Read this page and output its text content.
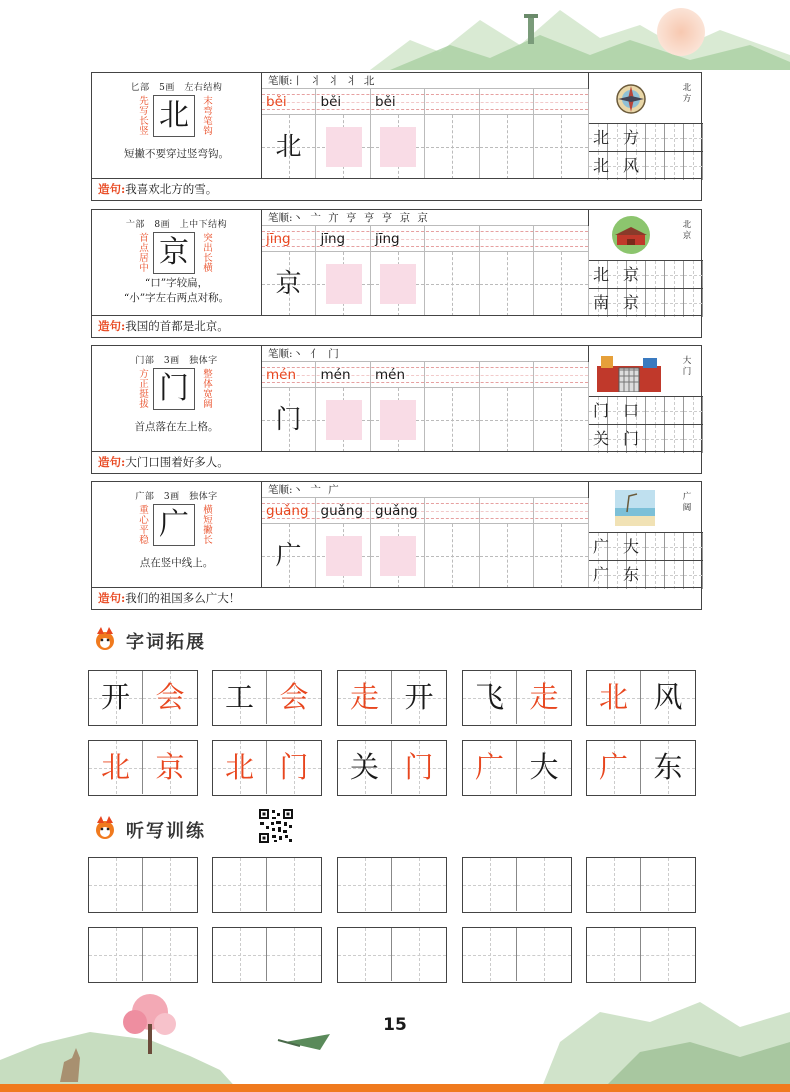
匕部　5画　左右结构
先写长竖 北	末弯笔钩
短撇不要穿过竖弯钩。
笔顺:丨 丬 丬 丬 北
běi	běi	běi
北
北方
北方
北风
造句:我喜欢北方的雪。
亠部　8画　上中下结构
首点居中 京	突出长横
“口”字较扁，
“小”字左右两点对称。
笔顺:丶 亠 亣 亨 亨 亨 京 京
jīng	jīng	jīng
京
北京
北京
南京
造句:我国的首都是北京。
门部　3画　独体字
方正挺拔 门	整体宽阔
首点落在左上格。
笔顺:丶 亻 门
mén	mén	mén
门
大门
门口
关门
造句:大门口围着好多人。
广部　3画　独体字
重心平稳 广	横短撇长
点在竖中线上。
笔顺:丶 亠 广
guǎng guǎng guǎng
广
广阔
广大
广东
造句:我们的祖国多么广大！
字词拓展
开 会	工 会	走 开	飞 走	北 风
北 京	北 门	关 门	广 大	广 东
听写训练
15
